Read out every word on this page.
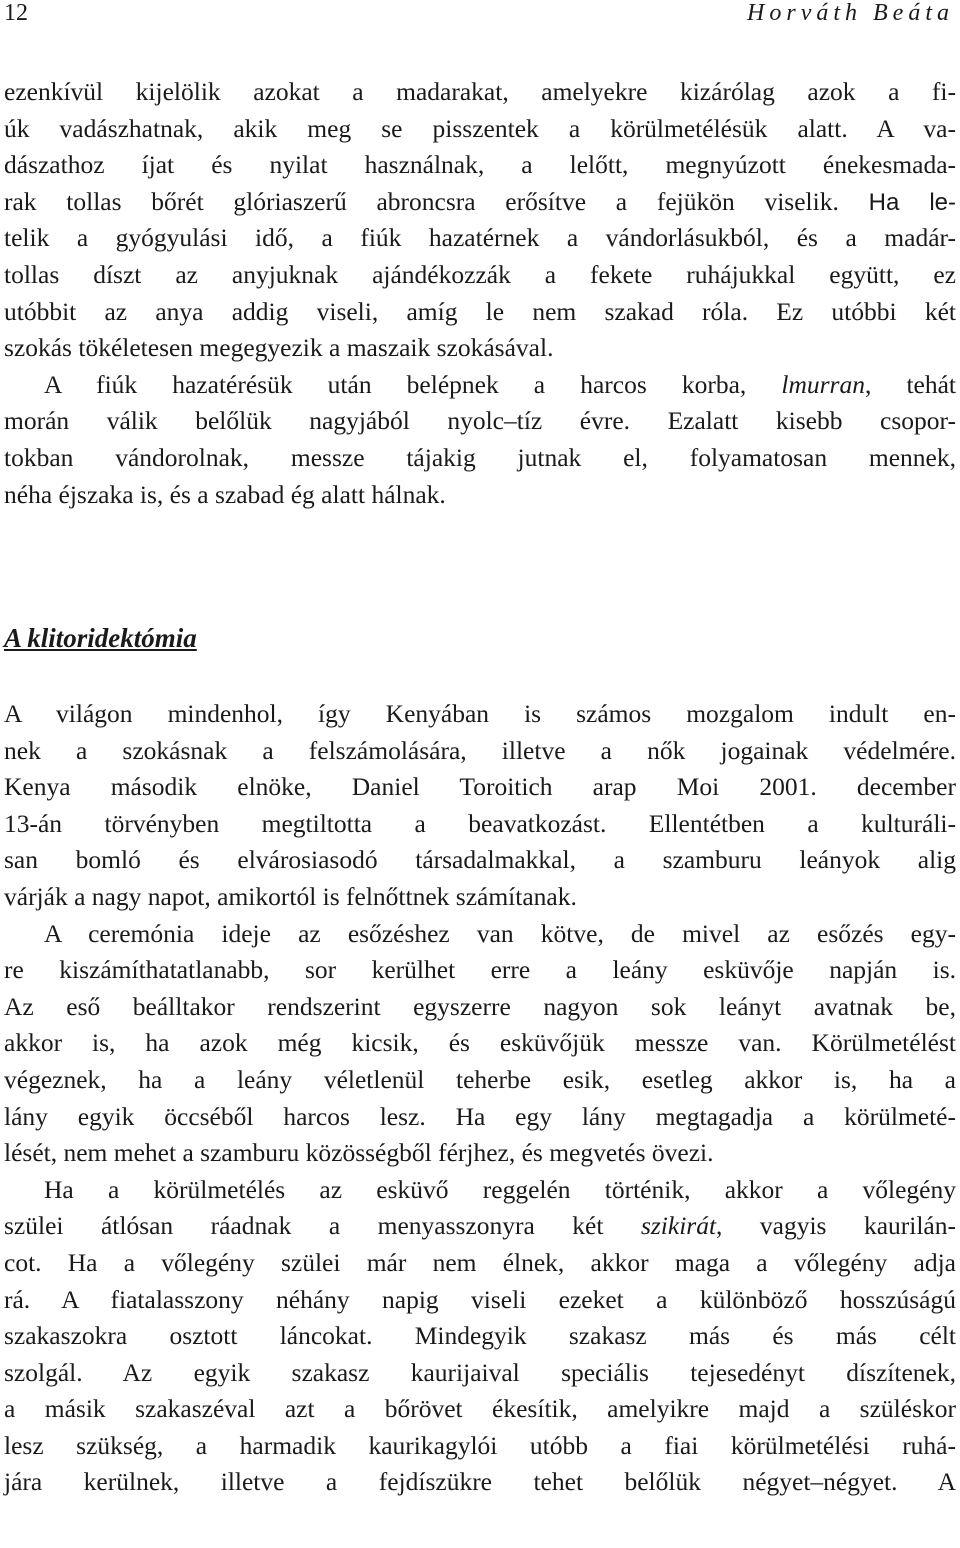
12	Horváth Beáta
ezenkívül kijelölik azokat a madarakat, amelyekre kizárólag azok a fi-
úk vadászhatnak, akik meg se pisszentek a körülmetélésük alatt. A va-
dászathoz íjat és nyilat használnak, a lelőtt, megnyúzott énekesmada-
rak tollas bőrét glóriaszerű abroncsra erősítve a fejükön viselik. Ha le-
telik a gyógyulási idő, a fiúk hazatérnek a vándorlásukból, és a madár-
tollas díszt az anyjuknak ajándékozzák a fekete ruhájukkal együtt, ez
utóbbit az anya addig viseli, amíg le nem szakad róla. Ez utóbbi két
szokás tökéletesen megegyezik a maszaik szokásával.
A fiúk hazatérésük után belépnek a harcos korba, lmurran, tehát
morán válik belőlük nagyjából nyolc–tíz évre. Ezalatt kisebb csopor-
tokban vándorolnak, messze tájakig jutnak el, folyamatosan mennek,
néha éjszaka is, és a szabad ég alatt hálnak.
A klitoridektómia
A világon mindenhol, így Kenyában is számos mozgalom indult en-
nek a szokásnak a felszámolására, illetve a nők jogainak védelmére.
Kenya második elnöke, Daniel Toroitich arap Moi 2001. december
13-án törvényben megtiltotta a beavatkozást. Ellentétben a kulturáli-
san bomló és elvárosiasodó társadalmakkal, a szamburu leányok alig
várják a nagy napot, amikortól is felnőttnek számítanak.
A ceremónia ideje az esőzéshez van kötve, de mivel az esőzés egy-
re kiszámíthatatlanabb, sor kerülhet erre a leány esküvője napján is.
Az eső beálltakor rendszerint egyszerre nagyon sok leányt avatnak be,
akkor is, ha azok még kicsik, és esküvőjük messze van. Körülmetélést
végeznek, ha a leány véletlenül teherbe esik, esetleg akkor is, ha a
lány egyik öccséből harcos lesz. Ha egy lány megtagadja a körülmeté-
lését, nem mehet a szamburu közösségből férjhez, és megvetés övezi.
Ha a körülmetélés az esküvő reggelén történik, akkor a vőlegény
szülei átlósan ráadnak a menyasszonyra két szikirát, vagyis kaurilán-
cot. Ha a vőlegény szülei már nem élnek, akkor maga a vőlegény adja
rá. A fiatalasszony néhány napig viseli ezeket a különböző hosszúságú
szakaszokra osztott láncokat. Mindegyik szakasz más és más célt
szolgál. Az egyik szakasz kaurijaival speciális tejesedényt díszítenek,
a másik szakaszéval azt a bőrövet ékesítik, amelyikre majd a szüléskor
lesz szükség, a harmadik kaurikagylói utóbb a fiai körülmetélési ruhá-
jára kerülnek, illetve a fejdíszükre tehet belőlük négyet–négyet. A
